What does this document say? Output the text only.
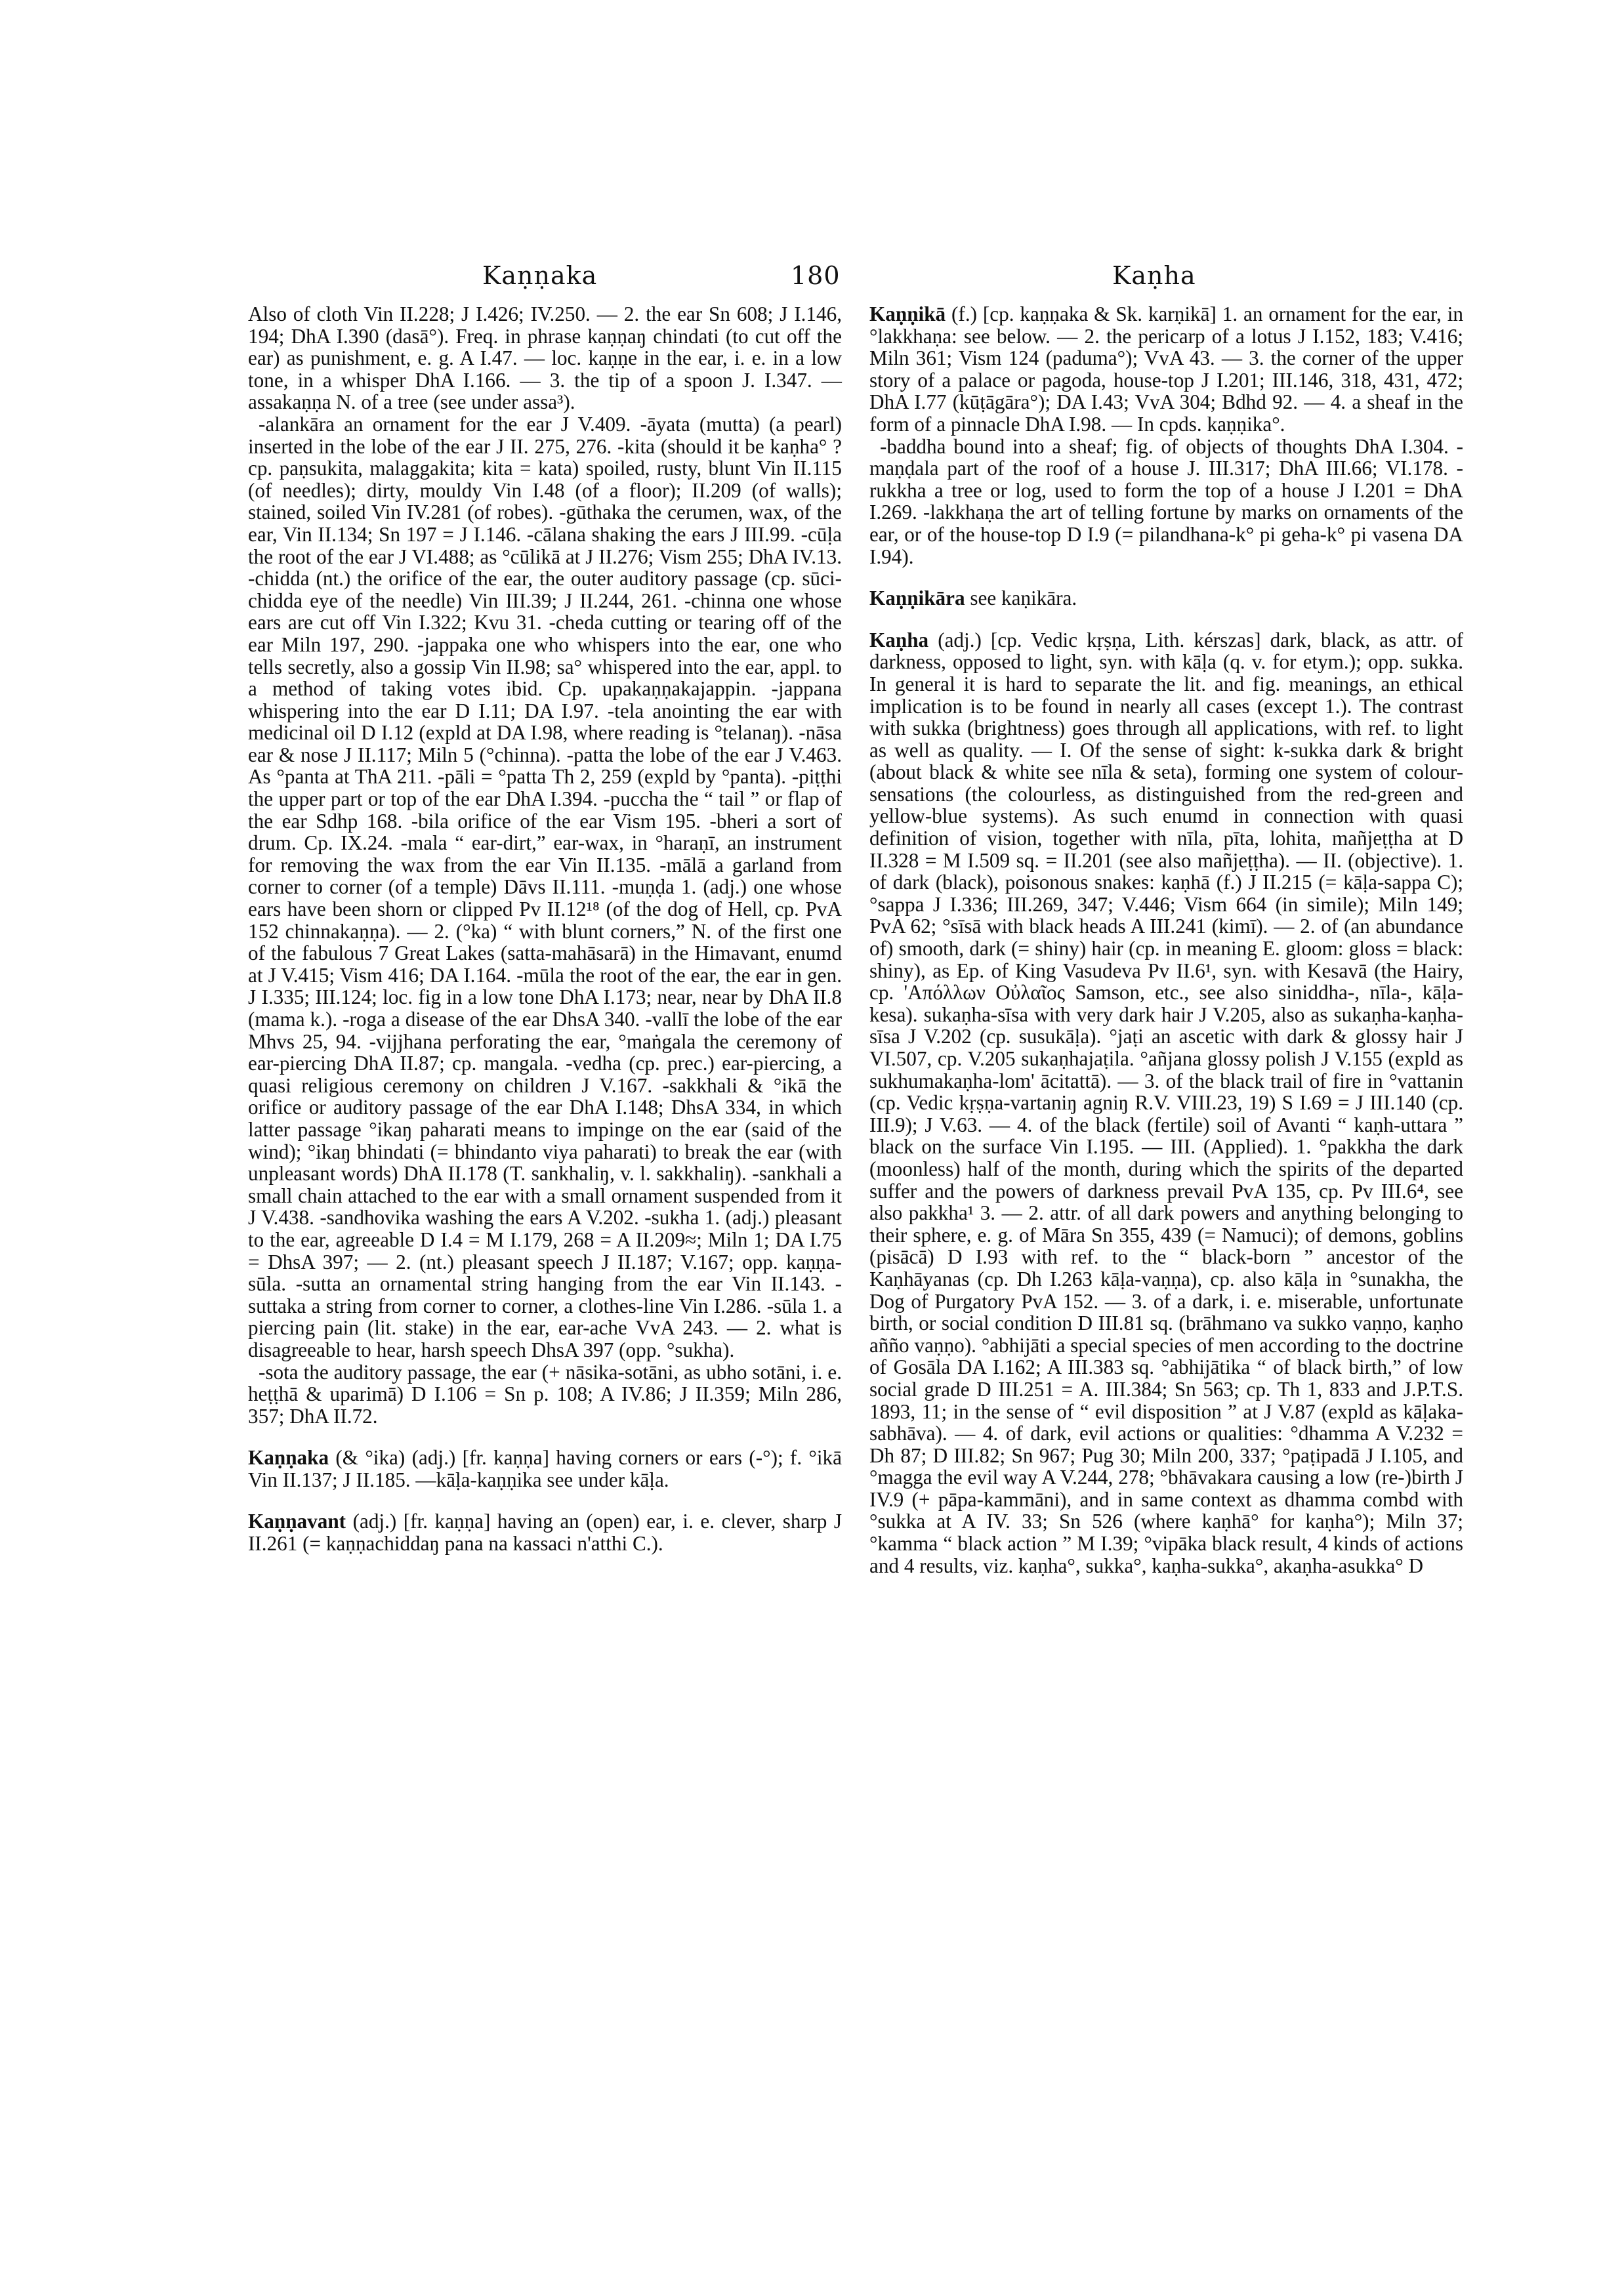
Kaṇṇaka	180	Kaṇha

Also of cloth Vin II.228; J I.426; IV.250. — 2. the ear Sn 608; J I.146, 194; DhA I.390 (dasā°). Freq. in phrase kaṇṇaŋ chindati (to cut off the ear) as punishment, e. g. A I.47. — loc. kaṇṇe in the ear, i. e. in a low tone, in a whisper DhA I.166. — 3. the tip of a spoon J. I.347. —assakaṇṇa N. of a tree (see under assa³).

-alankāra an ornament for the ear J V.409. -āyata (mutta) (a pearl) inserted in the lobe of the ear J II. 275, 276. -kita (should it be kaṇha° ? cp. paṇsukita, malaggakita; kita = kata) spoiled, rusty, blunt Vin II.115 (of needles); dirty, mouldy Vin I.48 (of a floor); II.209 (of walls); stained, soiled Vin IV.281 (of robes). -gūthaka the cerumen, wax, of the ear, Vin II.134; Sn 197 = J I.146. -cālana shaking the ears J III.99. -cūḷa the root of the ear J VI.488; as °cūlikā at J II.276; Vism 255; DhA IV.13. -chidda (nt.) the orifice of the ear, the outer auditory passage (cp. sūci-chidda eye of the needle) Vin III.39; J II.244, 261. -chinna one whose ears are cut off Vin I.322; Kvu 31. -cheda cutting or tearing off of the ear Miln 197, 290. -jappaka one who whispers into the ear, one who tells secretly, also a gossip Vin II.98; sa° whispered into the ear, appl. to a method of taking votes ibid. Cp. upakaṇṇakajappin. -jappana whispering into the ear D I.11; DA I.97. -tela anointing the ear with medicinal oil D I.12 (expld at DA I.98, where reading is °telanaŋ). -nāsa ear & nose J II.117; Miln 5 (°chinna). -patta the lobe of the ear J V.463. As °panta at ThA 211. -pāli = °patta Th 2, 259 (expld by °panta). -piṭṭhi the upper part or top of the ear DhA I.394. -puccha the “ tail ” or flap of the ear Sdhp 168. -bila orifice of the ear Vism 195. -bheri a sort of drum. Cp. IX.24. -mala “ ear-dirt,” ear-wax, in °haraṇī, an instrument for removing the wax from the ear Vin II.135. -mālā a garland from corner to corner (of a temple) Dāvs II.111. -muṇḍa 1. (adj.) one whose ears have been shorn or clipped Pv II.12¹⁸ (of the dog of Hell, cp. PvA 152 chinnakaṇṇa). — 2. (°ka) “ with blunt corners,” N. of the first one of the fabulous 7 Great Lakes (satta-mahāsarā) in the Himavant, enumd at J V.415; Vism 416; DA I.164. -mūla the root of the ear, the ear in gen. J I.335; III.124; loc. fig in a low tone DhA I.173; near, near by DhA II.8 (mama k.). -roga a disease of the ear DhsA 340. -vallī the lobe of the ear Mhvs 25, 94. -vijjhana perforating the ear, °maṅgala the ceremony of ear-piercing DhA II.87; cp. mangala. -vedha (cp. prec.) ear-piercing, a quasi religious ceremony on children J V.167. -sakkhali & °ikā the orifice or auditory passage of the ear DhA I.148; DhsA 334, in which latter passage °ikaŋ paharati means to impinge on the ear (said of the wind); °ikaŋ bhindati (= bhindanto viya paharati) to break the ear (with unpleasant words) DhA II.178 (T. sankhaliŋ, v. l. sakkhaliŋ). -sankhali a small chain attached to the ear with a small ornament suspended from it J V.438. -sandhovika washing the ears A V.202. -sukha 1. (adj.) pleasant to the ear, agreeable D I.4 = M I.179, 268 = A II.209≈; Miln 1; DA I.75 = DhsA 397; — 2. (nt.) pleasant speech J II.187; V.167; opp. kaṇṇa-sūla. -sutta an ornamental string hanging from the ear Vin II.143. -suttaka a string from corner to corner, a clothes-line Vin I.286. -sūla 1. a piercing pain (lit. stake) in the ear, ear-ache VvA 243. — 2. what is disagreeable to hear, harsh speech DhsA 397 (opp. °sukha).

-sota the auditory passage, the ear (+ nāsika-sotāni, as ubho sotāni, i. e. heṭṭhā & uparimā) D I.106 = Sn p. 108; A IV.86; J II.359; Miln 286, 357; DhA II.72.

Kaṇṇaka (& °ika) (adj.) [fr. kaṇṇa] having corners or ears (-°); f. °ikā Vin II.137; J II.185. —kāḷa-kaṇṇika see under kāḷa.

Kaṇṇavant (adj.) [fr. kaṇṇa] having an (open) ear, i. e. clever, sharp J II.261 (= kaṇṇachiddaŋ pana na kassaci n'atthi C.).

Kaṇṇikā (f.) [cp. kaṇṇaka & Sk. karṇikā] 1. an ornament for the ear, in °lakkhaṇa: see below. — 2. the pericarp of a lotus J I.152, 183; V.416; Miln 361; Vism 124 (paduma°); VvA 43. — 3. the corner of the upper story of a palace or pagoda, house-top J I.201; III.146, 318, 431, 472; DhA I.77 (kūṭāgāra°); DA I.43; VvA 304; Bdhd 92. — 4. a sheaf in the form of a pinnacle DhA I.98. — In cpds. kaṇṇika°.

-baddha bound into a sheaf; fig. of objects of thoughts DhA I.304. -maṇḍala part of the roof of a house J. III.317; DhA III.66; VI.178. -rukkha a tree or log, used to form the top of a house J I.201 = DhA I.269. -lakkhaṇa the art of telling fortune by marks on ornaments of the ear, or of the house-top D I.9 (= pilandhana-k° pi geha-k° pi vasena DA I.94).

Kaṇṇikāra see kaṇikāra.

Kaṇha (adj.) [cp. Vedic kṛṣṇa, Lith. kérszas] dark, black, as attr. of darkness, opposed to light, syn. with kāḷa (q. v. for etym.); opp. sukka. In general it is hard to separate the lit. and fig. meanings, an ethical implication is to be found in nearly all cases (except 1.). The contrast with sukka (brightness) goes through all applications, with ref. to light as well as quality. — I. Of the sense of sight: k-sukka dark & bright (about black & white see nīla & seta), forming one system of colour-sensations (the colourless, as distinguished from the red-green and yellow-blue systems). As such enumd in connection with quasi definition of vision, together with nīla, pīta, lohita, mañjeṭṭha at D II.328 = M I.509 sq. = II.201 (see also mañjeṭṭha). — II. (objective). 1. of dark (black), poisonous snakes: kaṇhā (f.) J II.215 (= kāḷa-sappa C); °sappa J I.336; III.269, 347; V.446; Vism 664 (in simile); Miln 149; PvA 62; °sīsā with black heads A III.241 (kimī). — 2. of (an abundance of) smooth, dark (= shiny) hair (cp. in meaning E. gloom: gloss = black: shiny), as Ep. of King Vasudeva Pv II.6¹, syn. with Kesavā (the Hairy, cp. 'Απόλλων Οὐλαῖος Samson, etc., see also siniddha-, nīla-, kāḷa-kesa). sukaṇha-sīsa with very dark hair J V.205, also as sukaṇha-kaṇha-sīsa J V.202 (cp. susukāḷa). °jaṭi an ascetic with dark & glossy hair J VI.507, cp. V.205 sukaṇhajaṭila. °añjana glossy polish J V.155 (expld as sukhumakaṇha-lom' ācitattā). — 3. of the black trail of fire in °vattanin (cp. Vedic kṛṣṇa-vartaniŋ agniŋ R.V. VIII.23, 19) S I.69 = J III.140 (cp. III.9); J V.63. — 4. of the black (fertile) soil of Avanti “ kaṇh-uttara ” black on the surface Vin I.195. — III. (Applied). 1. °pakkha the dark (moonless) half of the month, during which the spirits of the departed suffer and the powers of darkness prevail PvA 135, cp. Pv III.6⁴, see also pakkha¹ 3. — 2. attr. of all dark powers and anything belonging to their sphere, e. g. of Māra Sn 355, 439 (= Namuci); of demons, goblins (pisācā) D I.93 with ref. to the “ black-born ” ancestor of the Kaṇhāyanas (cp. Dh I.263 kāḷa-vaṇṇa), cp. also kāḷa in °sunakha, the Dog of Purgatory PvA 152. — 3. of a dark, i. e. miserable, unfortunate birth, or social condition D III.81 sq. (brāhmano va sukko vaṇṇo, kaṇho añño vaṇṇo). °abhijāti a special species of men according to the doctrine of Gosāla DA I.162; A III.383 sq. °abhijātika “ of black birth,” of low social grade D III.251 = A. III.384; Sn 563; cp. Th 1, 833 and J.P.T.S. 1893, 11; in the sense of “ evil disposition ” at J V.87 (expld as kāḷaka-sabhāva). — 4. of dark, evil actions or qualities: °dhamma A V.232 = Dh 87; D III.82; Sn 967; Pug 30; Miln 200, 337; °paṭipadā J I.105, and °magga the evil way A V.244, 278; °bhāvakara causing a low (re-)birth J IV.9 (+ pāpa-kammāni), and in same context as dhamma combd with °sukka at A IV. 33; Sn 526 (where kaṇhā° for kaṇha°); Miln 37; °kamma “ black action ” M I.39; °vipāka black result, 4 kinds of actions and 4 results, viz. kaṇha°, sukka°, kaṇha-sukka°, akaṇha-asukka° D
